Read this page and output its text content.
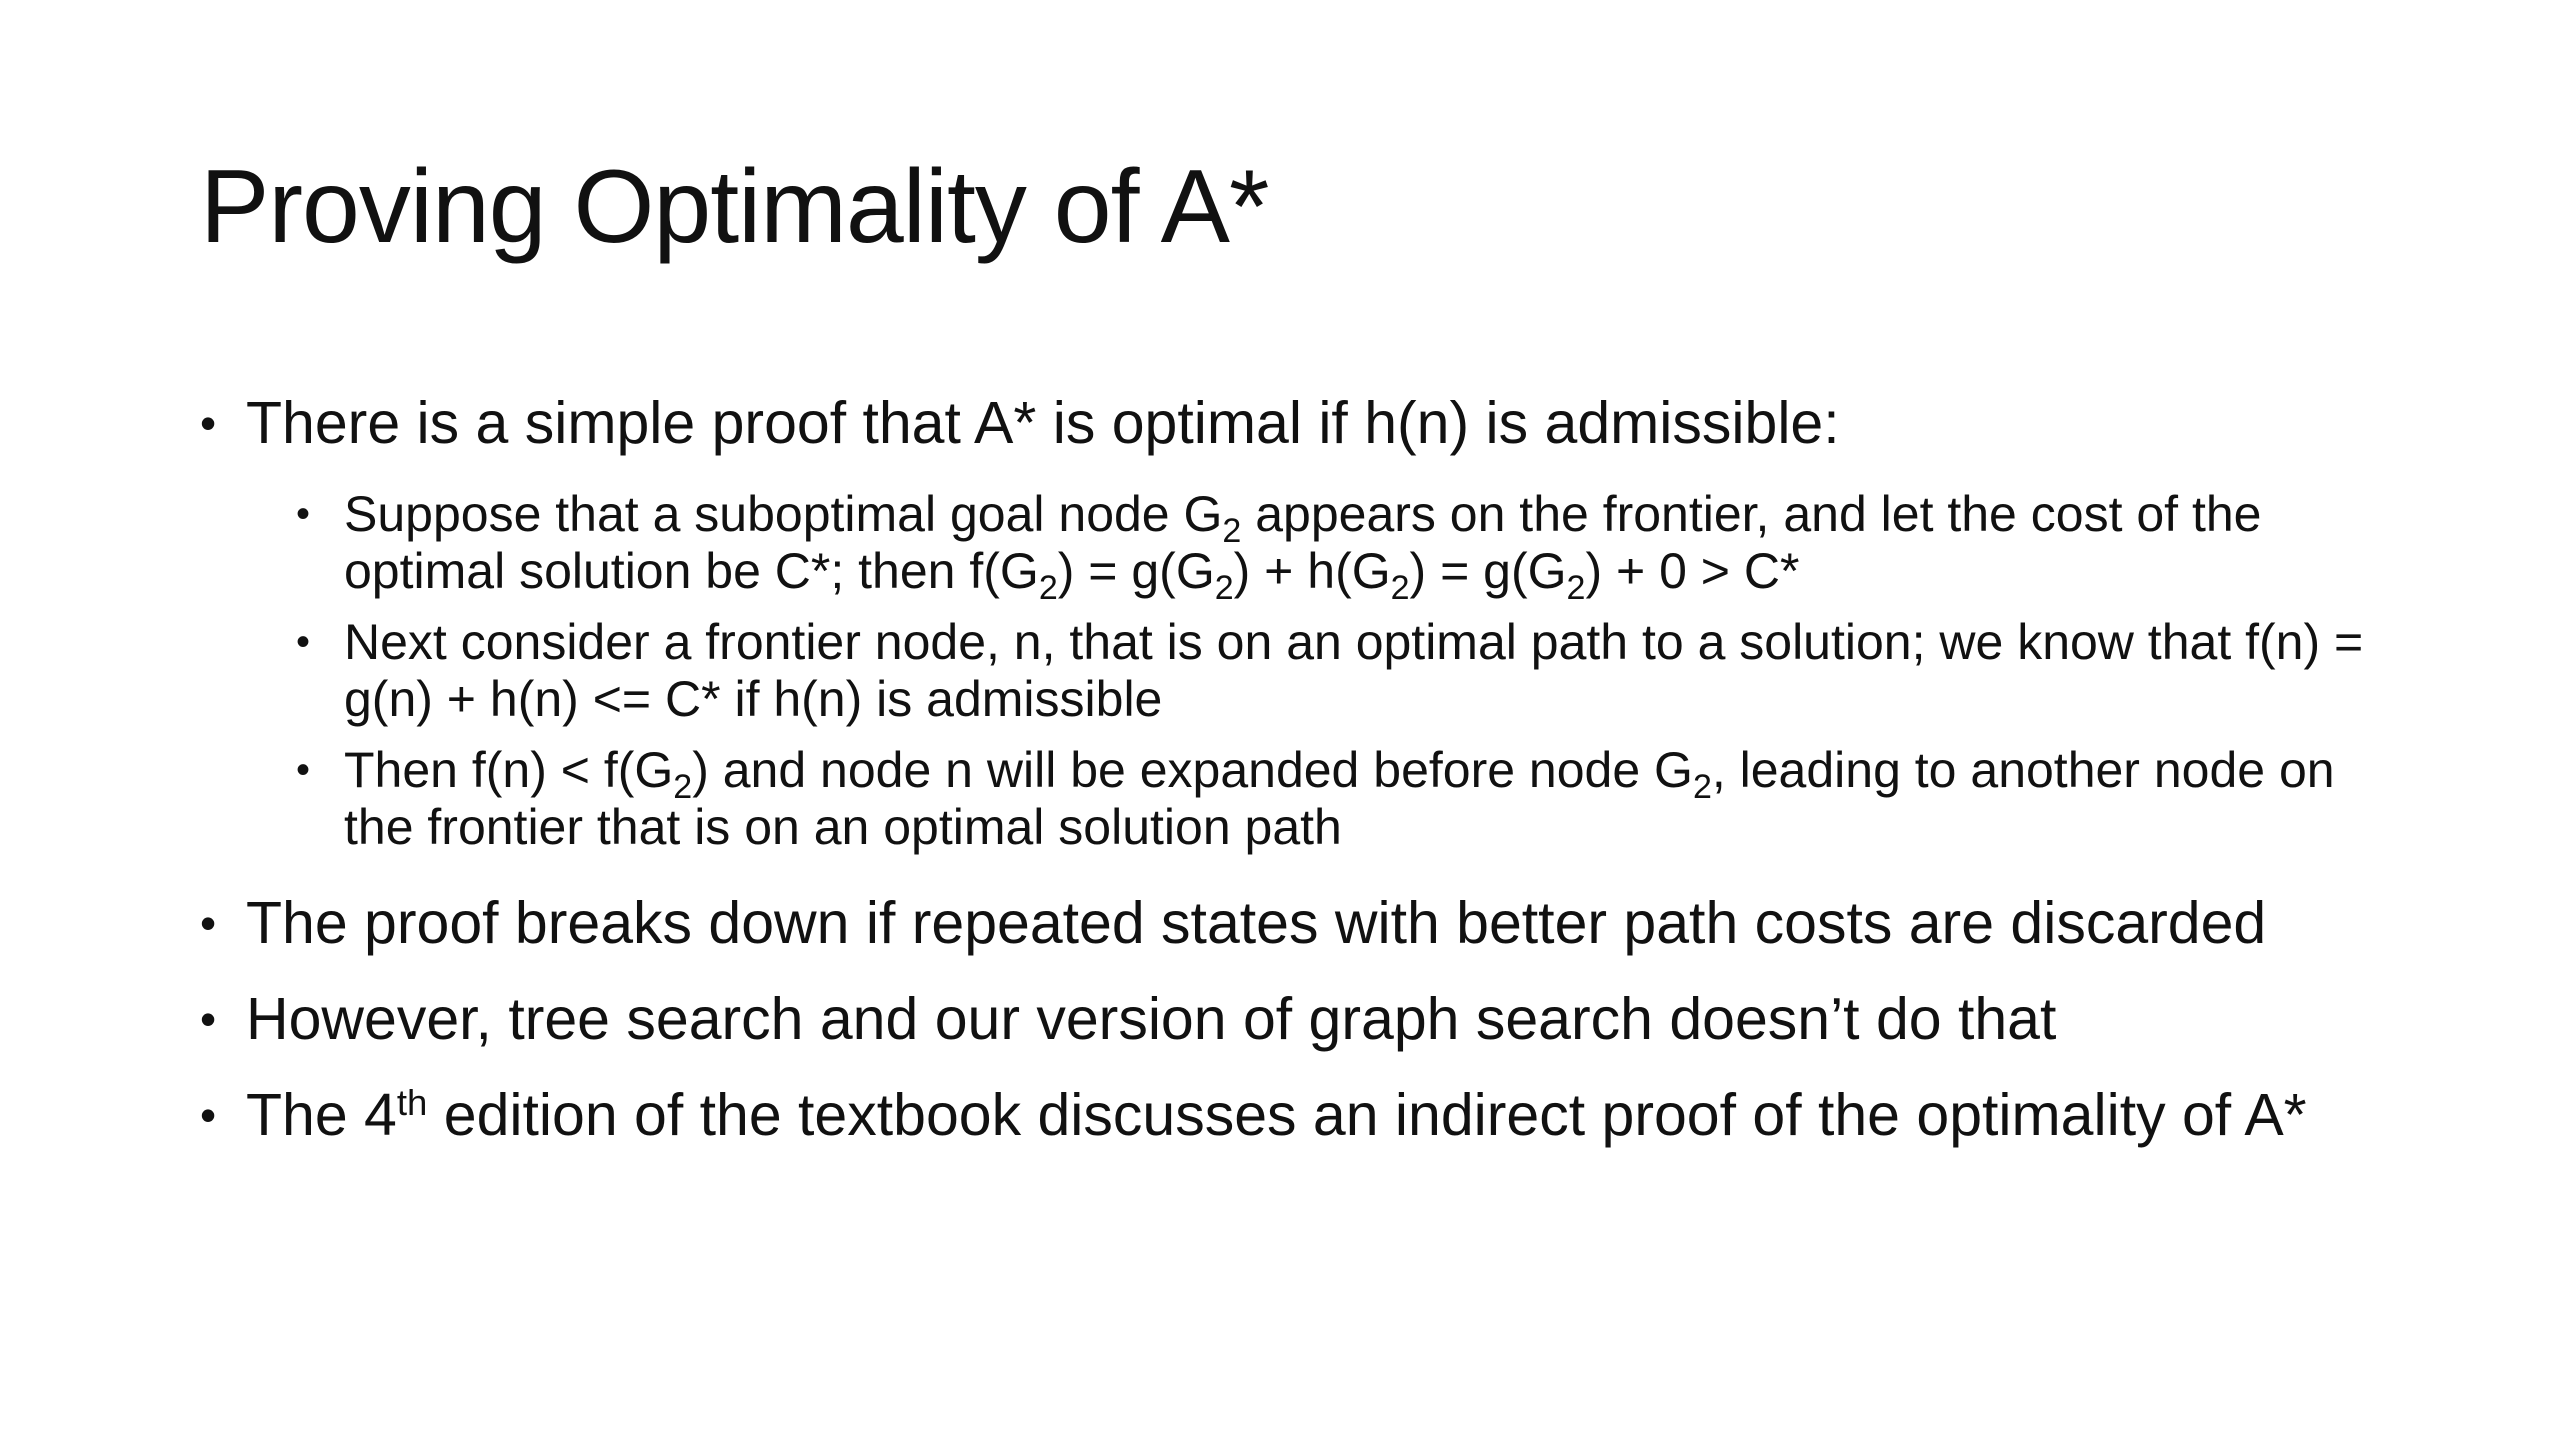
Proving Optimality of A*
• There is a simple proof that A* is optimal if h(n) is admissible:
• Suppose that a suboptimal goal node $G_2$ appears on the frontier, and let the cost of the optimal solution be C*; then $f(G_2) = g(G_2) + h(G_2) = g(G_2) + 0 > C*$
• Next consider a frontier node, n, that is on an optimal path to a solution; we know that f(n) = g(n) + h(n) <= C* if h(n) is admissible
• Then $f(n) < f(G_2)$ and node n will be expanded before node $G_2$, leading to another node on the frontier that is on an optimal solution path
• The proof breaks down if repeated states with better path costs are discarded
• However, tree search and our version of graph search doesn’t do that
• The 4th edition of the textbook discusses an indirect proof of the optimality of A*
